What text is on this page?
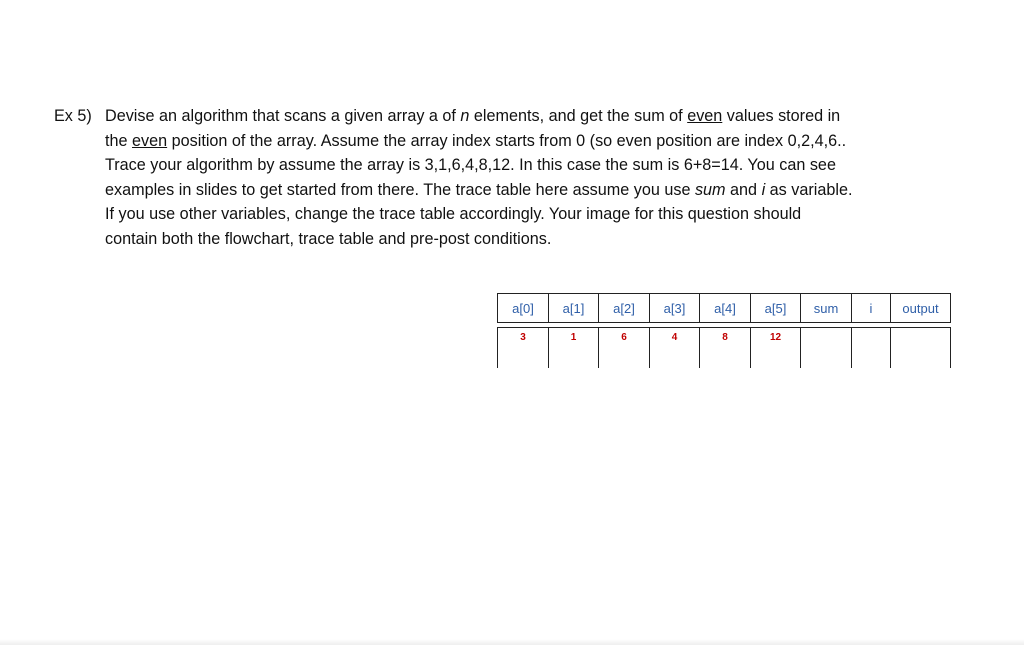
Ex 5) Devise an algorithm that scans a given array a of n elements, and get the sum of even values stored in
the even position of the array. Assume the array index starts from 0 (so even position are index 0,2,4,6..
Trace your algorithm by assume the array is 3,1,6,4,8,12. In this case the sum is 6+8=14. You can see
examples in slides to get started from there. The trace table here assume you use sum and i as variable.
If you use other variables, change the trace table accordingly. Your image for this question should
contain both the flowchart, trace table and pre-post conditions.
a[0]	a[1]	a[2]	a[3]	a[4]	a[5]	sum	i	output

3	1	6	4	8	12			
